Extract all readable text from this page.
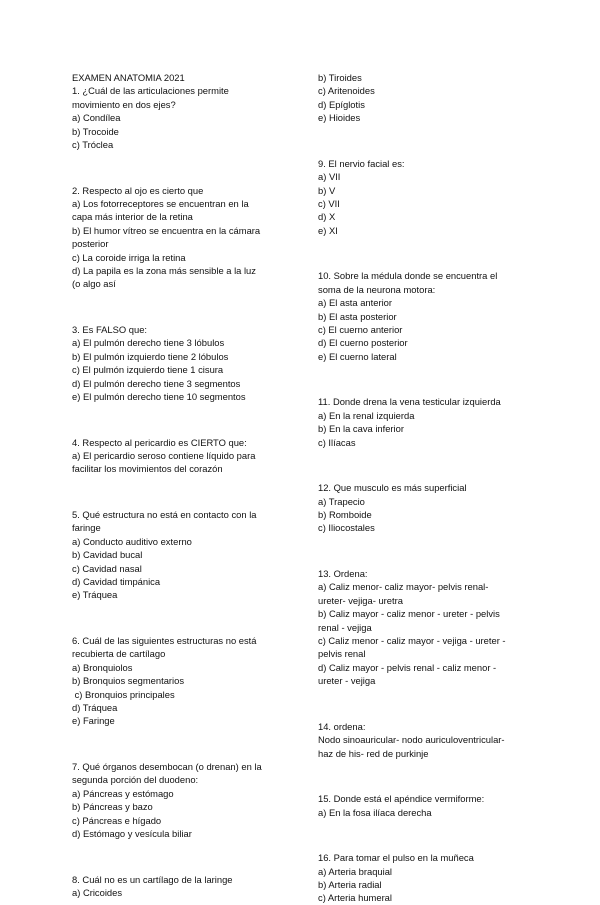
EXAMEN ANATOMIA 2021

1. ¿Cuál de las articulaciones permite

movimiento en dos ejes?

a) Condílea

b) Trocoide

c) Tróclea

2. Respecto al ojo es cierto que

a) Los fotorreceptores se encuentran en la

capa más interior de la retina

b) El humor vítreo se encuentra en la cámara

posterior

c) La coroide irriga la retina

d) La papila es la zona más sensible a la luz

(o algo así

3. Es FALSO que:

a) El pulmón derecho tiene 3 lóbulos

b) El pulmón izquierdo tiene 2 lóbulos

c) El pulmón izquierdo tiene 1 cisura

d) El pulmón derecho tiene 3 segmentos

e) El pulmón derecho tiene 10 segmentos

4. Respecto al pericardio es CIERTO que:

a) El pericardio seroso contiene líquido para

facilitar los movimientos del corazón

5. Qué estructura no está en contacto con la

faringe

a) Conducto auditivo externo

b) Cavidad bucal

c) Cavidad nasal

d) Cavidad timpánica

e) Tráquea

6. Cuál de las siguientes estructuras no está

recubierta de cartílago

a) Bronquiolos

b) Bronquios segmentarios

c) Bronquios principales

d) Tráquea

e) Faringe

7. Qué órganos desembocan (o drenan) en la

segunda porción del duodeno:

a) Páncreas y estómago

b) Páncreas y bazo

c) Páncreas e hígado

d) Estómago y vesícula biliar

8. Cuál no es un cartílago de la laringe

a) Cricoides

b) Tiroides

c) Aritenoides

d) Epíglotis

e) Hioides

9. El nervio facial es:

a) VII

b) V

c) VII

d) X

e) XI

10. Sobre la médula donde se encuentra el

soma de la neurona motora:

a) El asta anterior

b) El asta posterior

c) El cuerno anterior

d) El cuerno posterior

e) El cuerno lateral

11. Donde drena la vena testicular izquierda

a) En la renal izquierda

b) En la cava inferior

c) Ilíacas

12. Que musculo es más superficial

a) Trapecio

b) Romboide

c) Iliocostales

13. Ordena:

a) Caliz menor- caliz mayor- pelvis renal-

ureter- vejiga- uretra

b) Caliz mayor - caliz menor - ureter - pelvis

renal - vejiga

c) Caliz menor - caliz mayor - vejiga - ureter -

pelvis renal

d) Caliz mayor - pelvis renal - caliz menor -

ureter - vejiga

14. ordena:

Nodo sinoauricular- nodo auriculoventricular-

haz de his- red de purkinje

15. Donde está el apéndice vermiforme:

a) En la fosa ilíaca derecha

16. Para tomar el pulso en la muñeca

a) Arteria braquial

b) Arteria radial

c) Arteria humeral
